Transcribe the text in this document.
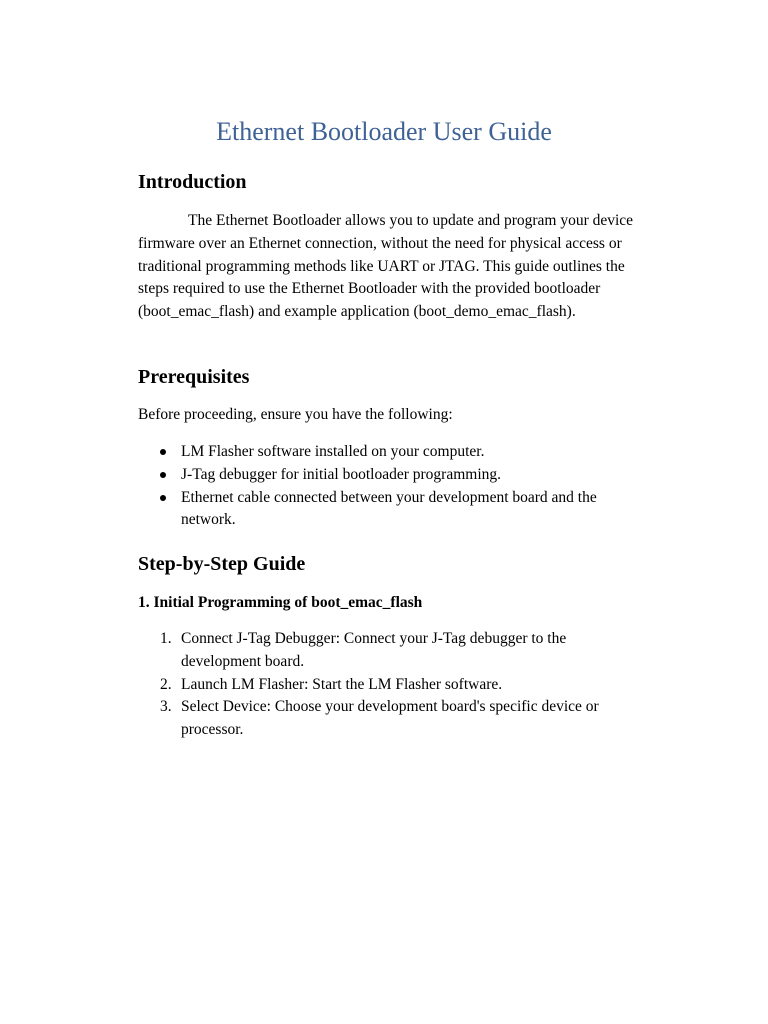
Ethernet Bootloader User Guide
Introduction

The Ethernet Bootloader allows you to update and program your device firmware over an Ethernet connection, without the need for physical access or traditional programming methods like UART or JTAG. This guide outlines the steps required to use the Ethernet Bootloader with the provided bootloader (boot_emac_flash) and example application (boot_demo_emac_flash).

Prerequisites

Before proceeding, ensure you have the following:

LM Flasher software installed on your computer.
J-Tag debugger for initial bootloader programming.
Ethernet cable connected between your development board and the network.
Step-by-Step Guide

1. Initial Programming of boot_emac_flash

1. Connect J-Tag Debugger: Connect your J-Tag debugger to the development board.
2. Launch LM Flasher: Start the LM Flasher software.
3. Select Device: Choose your development board's specific device or processor.
